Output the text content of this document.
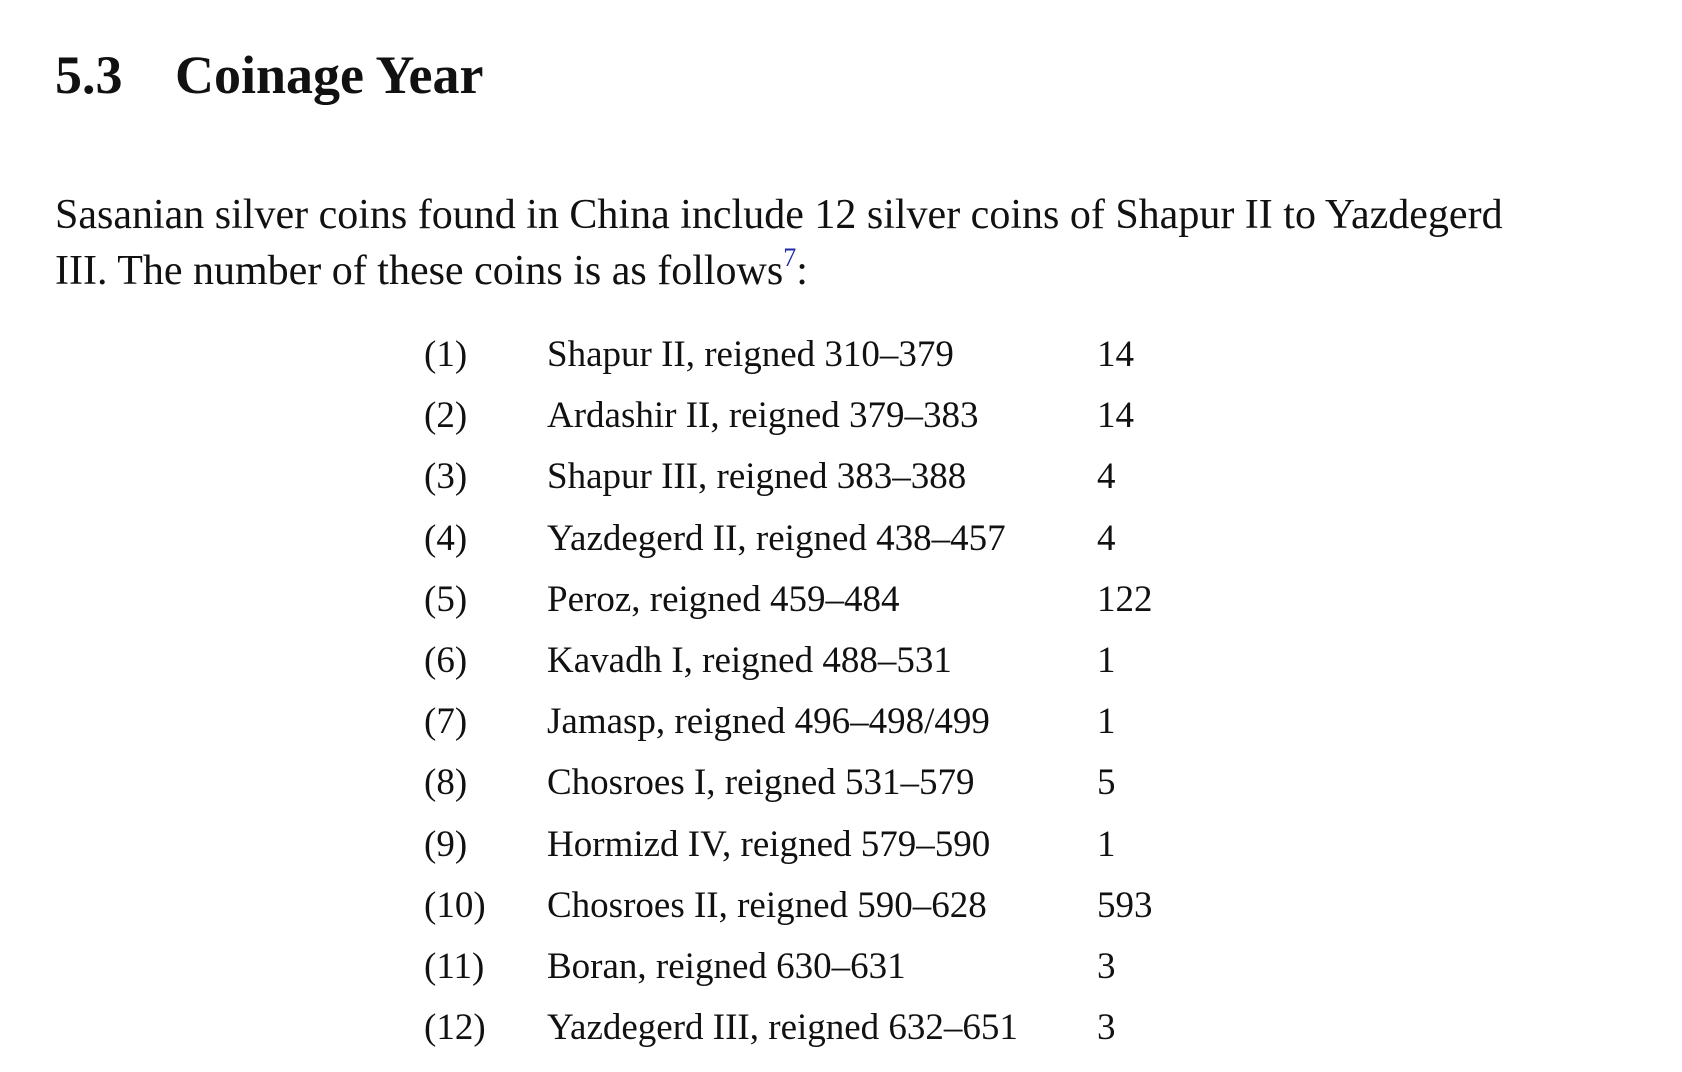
5.3 Coinage Year
Sasanian silver coins found in China include 12 silver coins of Shapur II to Yazdegerd
III. The number of these coins is as follows$^7$:
(1) Shapur II, reigned 310–379	14
(2) Ardashir II, reigned 379–383	14
(3) Shapur III, reigned 383–388	4
(4) Yazdegerd II, reigned 438–457 4
(5) Peroz, reigned 459–484	122
(6) Kavadh I, reigned 488–531	1
(7) Jamasp, reigned 496–498/499	1
(8) Chosroes I, reigned 531–579	5
(9) Hormizd IV, reigned 579–590	1
(10) Chosroes II, reigned 590–628	593
(11) Boran, reigned 630–631	3
(12) Yazdegerd III, reigned 632–651 3
